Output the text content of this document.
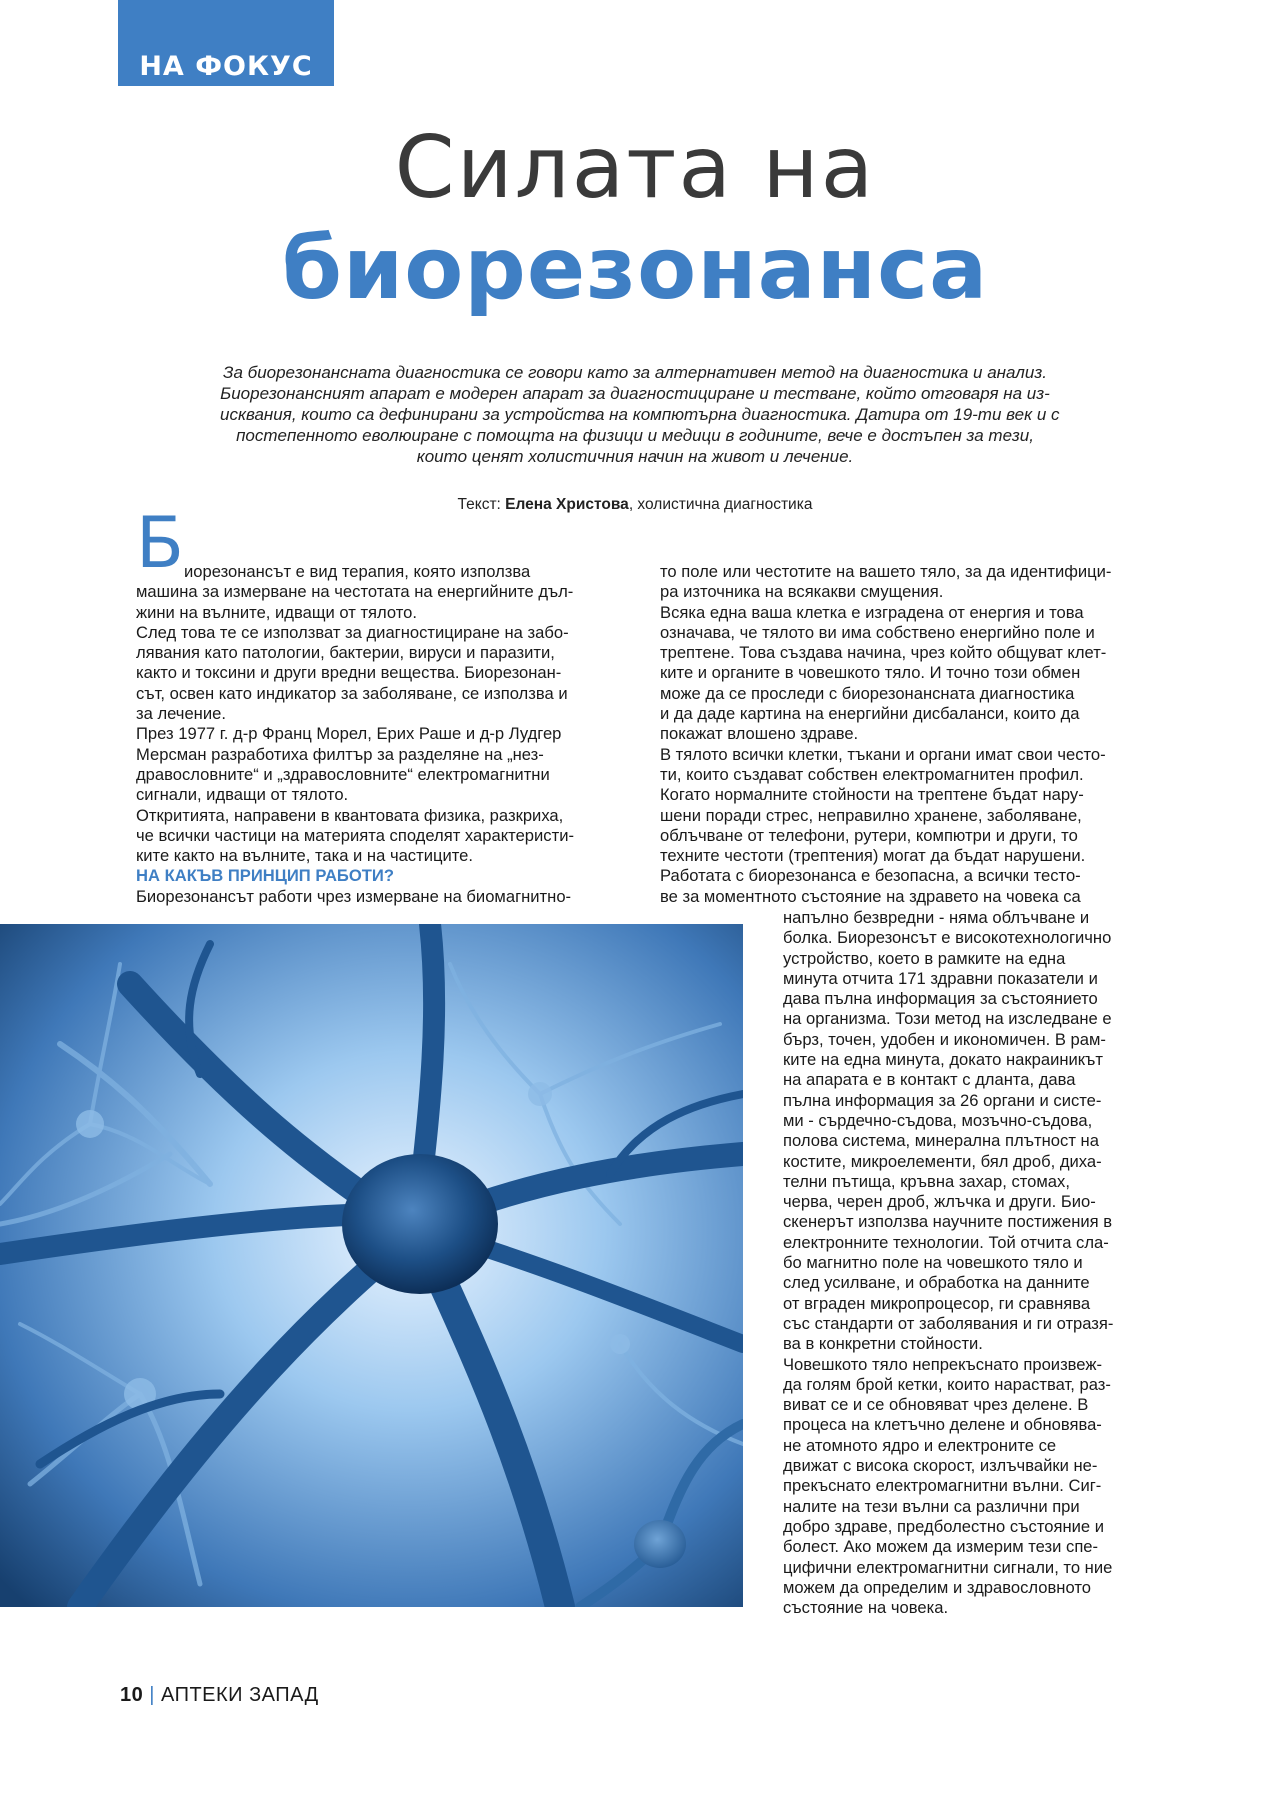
НА ФОКУС
Силата на
биорезонанса

За биорезонансната диагностика се говори като за алтернативен метод на диагностика и анализ.

Биорезонансният апарат е модерен апарат за диагностициране и тестване, който отговаря на из-

исквания, които са дефинирани за устройства на компютърна диагностика. Датира от 19-ти век и с

постепенното еволюиране с помощта на физици и медици в годините, вече е достъпен за тези,

които ценят холистичния начин на живот и лечение.

Текст: Елена Христова, холистична диагностика
Б иорезонансът е вид терапия, която използва

машина за измерване на честотата на енергийните дъл-

жини на вълните, идващи от тялото.

След това те се използват за диагностициране на забо-

лявания като патологии, бактерии, вируси и паразити,

както и токсини и други вредни вещества. Биорезонан-

сът, освен като индикатор за заболяване, се използва и

за лечение.

През 1977 г. д-р Франц Морел, Ерих Раше и д-р Лудгер

Мерсман разработиха филтър за разделяне на „нез-

дравословните“ и „здравословните“ електромагнитни

сигнали, идващи от тялото.

Откритията, направени в квантовата физика, разкриха,

че всички частици на материята споделят характеристи-

ките както на вълните, така и на частиците.

НА КАКЪВ ПРИНЦИП РАБОТИ?

Биорезонансът работи чрез измерване на биомагнитно-

то поле или честотите на вашето тяло, за да идентифици-

ра източника на всякакви смущения.

Всяка една ваша клетка е изградена от енергия и това

означава, че тялото ви има собствено енергийно поле и

трептене. Това създава начина, чрез който общуват клет-

ките и органите в човешкото тяло. И точно този обмен

може да се проследи с биорезонансната диагностика

и да даде картина на енергийни дисбаланси, които да

покажат влошено здраве.

В тялото всички клетки, тъкани и органи имат свои често-

ти, които създават собствен електромагнитен профил.

Когато нормалните стойности на трептене бъдат нару-

шени поради стрес, неправилно хранене, заболяване,

облъчване от телефони, рутери, компютри и други, то

техните честоти (трептения) могат да бъдат нарушени.

Работата с биорезонанса е безопасна, а всички тесто-

ве за моментното състояние на здравето на човека са

напълно безвредни - няма облъчване и

болка. Биорезонсът е високотехнологично

устройство, което в рамките на една

минута отчита 171 здравни показатели и

дава пълна информация за състоянието

на организма. Този метод на изследване е

бърз, точен, удобен и икономичен. В рам-

ките на една минута, докато накраиникът

на апарата е в контакт с дланта, дава

пълна информация за 26 органи и систе-

ми - сърдечно-съдова, мозъчно-съдова,

полова система, минерална плътност на

костите, микроелементи, бял дроб, диха-

телни пътища, кръвна захар, стомах,

черва, черен дроб, жлъчка и други. Био-

скенерът използва научните постижения в

електронните технологии. Той отчита сла-

бо магнитно поле на човешкото тяло и

след усилване, и обработка на данните

от вграден микропроцесор, ги сравнява

със стандарти от заболявания и ги отразя-

ва в конкретни стойности.

Човешкото тяло непрекъснато произвеж-

да голям брой кетки, които нарастват, раз-

виват се и се обновяват чрез делене. В

процеса на клетъчно делене и обновява-

не атомното ядро и електроните се

движат с висока скорост, излъчвайки не-

прекъснато електромагнитни вълни. Сиг-

налите на тези вълни са различни при

добро здраве, предболестно състояние и

болест. Ако можем да измерим тези спе-

цифични електромагнитни сигнали, то ние

можем да определим и здравословното

състояние на човека.

10 | АПТЕКИ ЗАПАД
